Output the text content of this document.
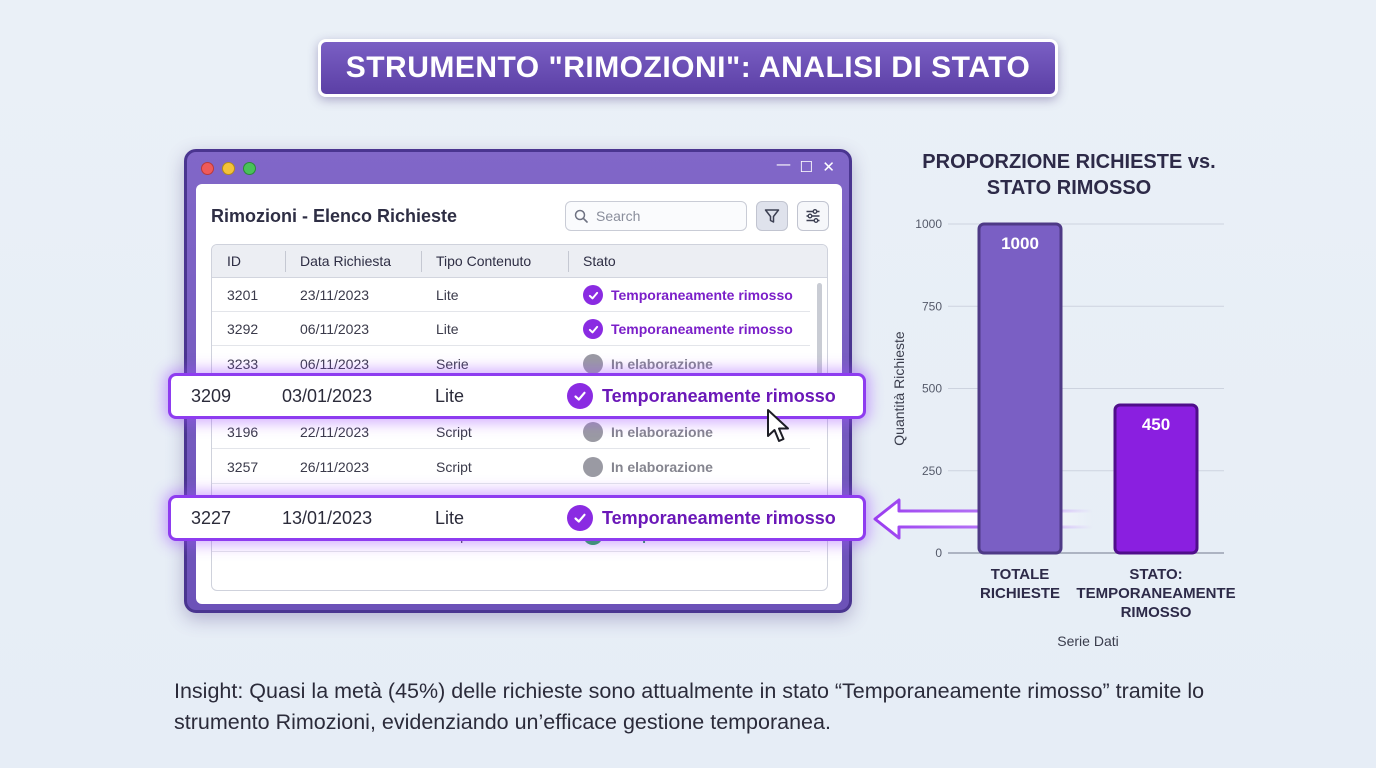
STRUMENTO "RIMOZIONI": ANALISI DI STATO
— ☐ ✕
Rimozioni - Elenco Richieste
Search
ID	Data Richiesta	Tipo Contenuto	Stato
3201	23/11/2023	Lite	Temporaneamente rimosso
3292	06/11/2023	Lite	Temporaneamente rimosso
3233	06/11/2023	Serie	In elaborazione
3196	22/11/2023	Script	In elaborazione
3257	26/11/2023	Script	In elaborazione
3209	03/01/2023	Lite	Temporaneamente rimosso
3227	13/01/2023	Lite	Temporaneamente rimosso
PROPORZIONE RICHIESTE vs. STATO RIMOSSO
0
250
500
750
1000
Quantità Richieste
1000
450
TOTALE
RICHIESTE
STATO:
TEMPORANEAMENTE
RIMOSSO
Serie Dati
Insight: Quasi la metà (45%) delle richieste sono attualmente in stato “Temporaneamente rimosso” tramite lo strumento Rimozioni, evidenziando un’efficace gestione temporanea.
